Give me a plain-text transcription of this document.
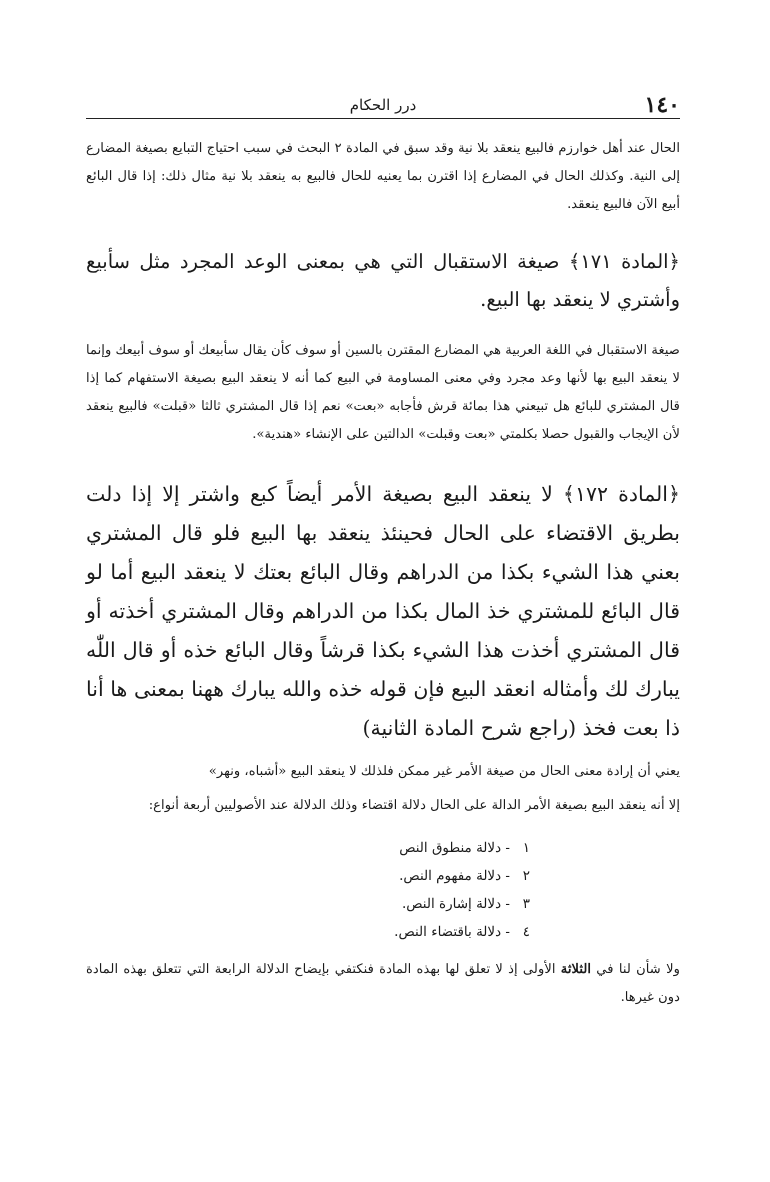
١٤٠
درر الحكام

الحال عند أهل خوارزم فالبيع ينعقد بلا نية وقد سبق في المادة ٢ البحث في سبب احتياج التبايع بصيغة المضارع إلى النية. وكذلك الحال في المضارع إذا اقترن بما يعنيه للحال فالبيع به ينعقد بلا نية مثال ذلك: إذا قال البائع أبيع الآن فالبيع ينعقد.

﴿المادة ١٧١﴾ صيغة الاستقبال التي هي بمعنى الوعد المجرد مثل سأبيع وأشتري لا ينعقد بها البيع.

صيغة الاستقبال في اللغة العربية هي المضارع المقترن بالسين أو سوف كأن يقال سأبيعك أو سوف أبيعك وإنما لا ينعقد البيع بها لأنها وعد مجرد وفي معنى المساومة في البيع كما أنه لا ينعقد البيع بصيغة الاستفهام كما إذا قال المشتري للبائع هل تبيعني هذا بمائة قرش فأجابه «بعت» نعم إذا قال المشتري ثالثا «قبلت» فالبيع ينعقد لأن الإيجاب والقبول حصلا بكلمتي «بعت وقبلت» الدالتين على الإنشاء «هندية».

﴿المادة ١٧٢﴾ لا ينعقد البيع بصيغة الأمر أيضاً كبع واشتر إلا إذا دلت بطريق الاقتضاء على الحال فحينئذ ينعقد بها البيع فلو قال المشتري بعني هذا الشيء بكذا من الدراهم وقال البائع بعتك لا ينعقد البيع أما لو قال البائع للمشتري خذ المال بكذا من الدراهم وقال المشتري أخذته أو قال المشتري أخذت هذا الشيء بكذا قرشاً وقال البائع خذه أو قال اللّٰه يبارك لك وأمثاله انعقد البيع فإن قوله خذه والله يبارك ههنا بمعنى ها أنا ذا بعت فخذ (راجع شرح المادة الثانية)

يعني أن إرادة معنى الحال من صيغة الأمر غير ممكن فلذلك لا ينعقد البيع «أشباه، ونهر»

إلا أنه ينعقد البيع بصيغة الأمر الدالة على الحال دلالة اقتضاء وذلك الدلالة عند الأصوليين أربعة أنواع:

١
- دلالة منطوق النص
٢
- دلالة مفهوم النص.
٣
- دلالة إشارة النص.
٤
- دلالة باقتضاء النص.

ولا شأن لنا في الثلاثة الأولى إذ لا تعلق لها بهذه المادة فنكتفي بإيضاح الدلالة الرابعة التي تتعلق بهذه المادة دون غيرها.
